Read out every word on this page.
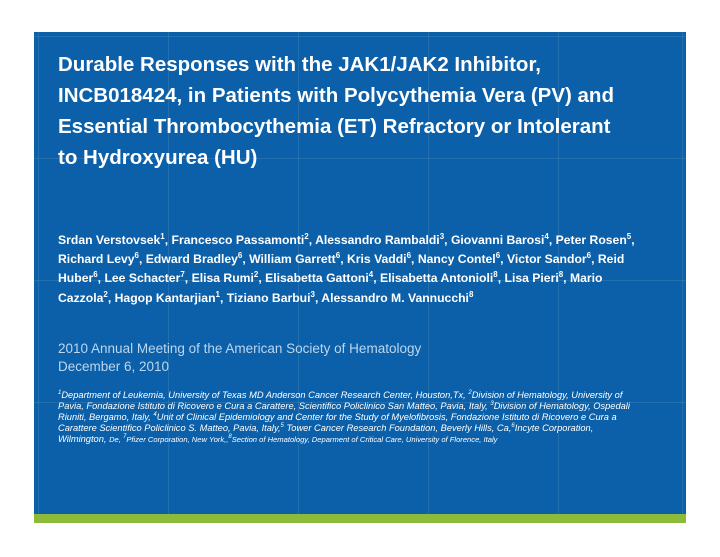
Durable Responses with the JAK1/JAK2 Inhibitor, INCB018424, in Patients with Polycythemia Vera (PV) and Essential Thrombocythemia (ET) Refractory or Intolerant to Hydroxyurea (HU)

Srdan Verstovsek$^1$, Francesco Passamonti$^2$, Alessandro Rambaldi$^3$, Giovanni Barosi$^4$, Peter Rosen$^5$, Richard Levy$^6$, Edward Bradley$^6$, William Garrett$^6$, Kris Vaddi$^6$, Nancy Contel$^6$, Victor Sandor$^6$, Reid Huber$^6$, Lee Schacter$^7$, Elisa Rumi$^2$, Elisabetta Gattoni$^4$, Elisabetta Antonioli$^8$, Lisa Pieri$^8$, Mario Cazzola$^2$, Hagop Kantarjian$^1$, Tiziano Barbui$^3$, Alessandro M. Vannucchi$^8$

2010 Annual Meeting of the American Society of Hematology
December 6, 2010

$^1$Department of Leukemia, University of Texas MD Anderson Cancer Research Center, Houston,Tx, $^2$Division of Hematology, University of Pavia, Fondazione Istituto di Ricovero e Cura a Carattere, Scientifico Policlinico San Matteo, Pavia, Italy, $^3$Division of Hematology, Ospedali Riuniti, Bergamo, Italy, $^4$Unit of Clinical Epidemiology and Center for the Study of Myelofibrosis, Fondazione Istituto di Ricovero e Cura a Carattere Scientifico Policlinico S. Matteo, Pavia, Italy,$^5$ Tower Cancer Research Foundation, Beverly Hills, Ca,$^6$Incyte Corporation, Wilmington, De, $^7$Pfizer Corporation, New York,,$^8$Section of Hematology, Deparment of Critical Care, University of Florence, Italy
